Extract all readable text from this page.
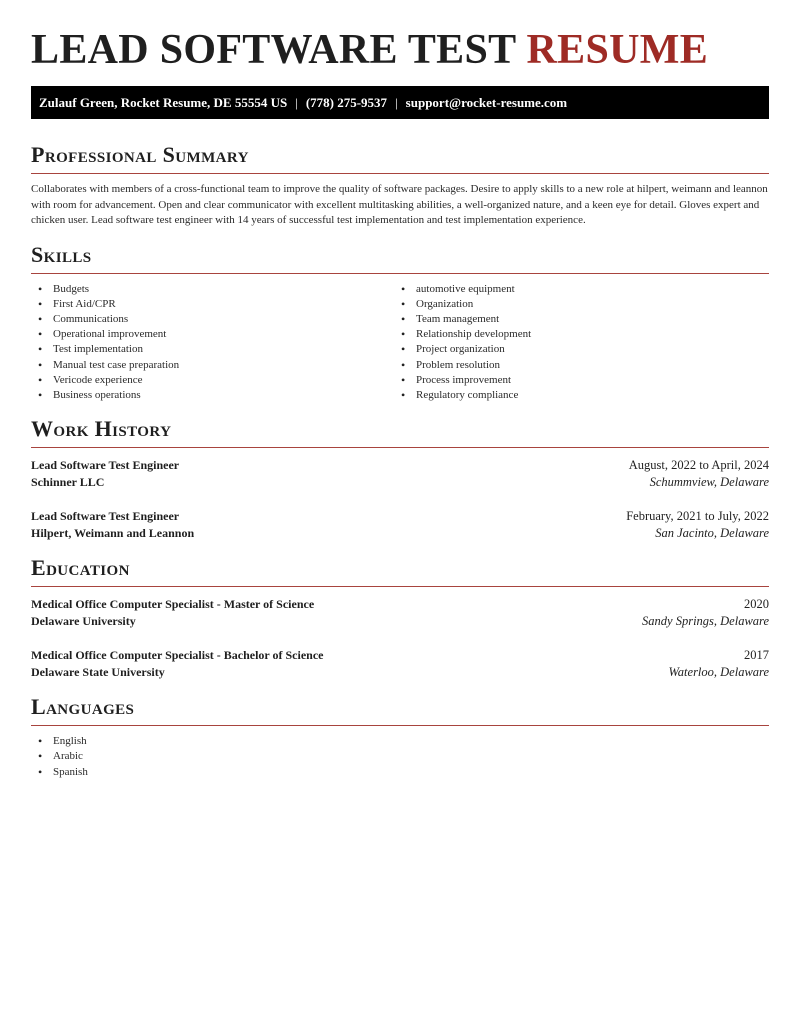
LEAD SOFTWARE TEST RESUME
Zulauf Green, Rocket Resume, DE 55554 US | (778) 275-9537 | support@rocket-resume.com
Professional Summary

Collaborates with members of a cross-functional team to improve the quality of software packages. Desire to apply skills to a new role at hilpert, weimann and leannon with room for advancement. Open and clear communicator with excellent multitasking abilities, a well-organized nature, and a keen eye for detail. Gloves expert and chicken user. Lead software test engineer with 14 years of successful test implementation and test implementation experience.

Skills
• Budgets
• First Aid/CPR
• Communications
• Operational improvement
• Test implementation
• Manual test case preparation
• Vericode experience
• Business operations
• automotive equipment
• Organization
• Team management
• Relationship development
• Project organization
• Problem resolution
• Process improvement
• Regulatory compliance
Work History
Lead Software Test Engineer	August, 2022 to April, 2024
Schinner LLC	Schummview, Delaware
Lead Software Test Engineer	February, 2021 to July, 2022
Hilpert, Weimann and Leannon	San Jacinto, Delaware
Education
Medical Office Computer Specialist - Master of Science	2020
Delaware University	Sandy Springs, Delaware
Medical Office Computer Specialist - Bachelor of Science	2017
Delaware State University	Waterloo, Delaware
Languages
• English
• Arabic
• Spanish
